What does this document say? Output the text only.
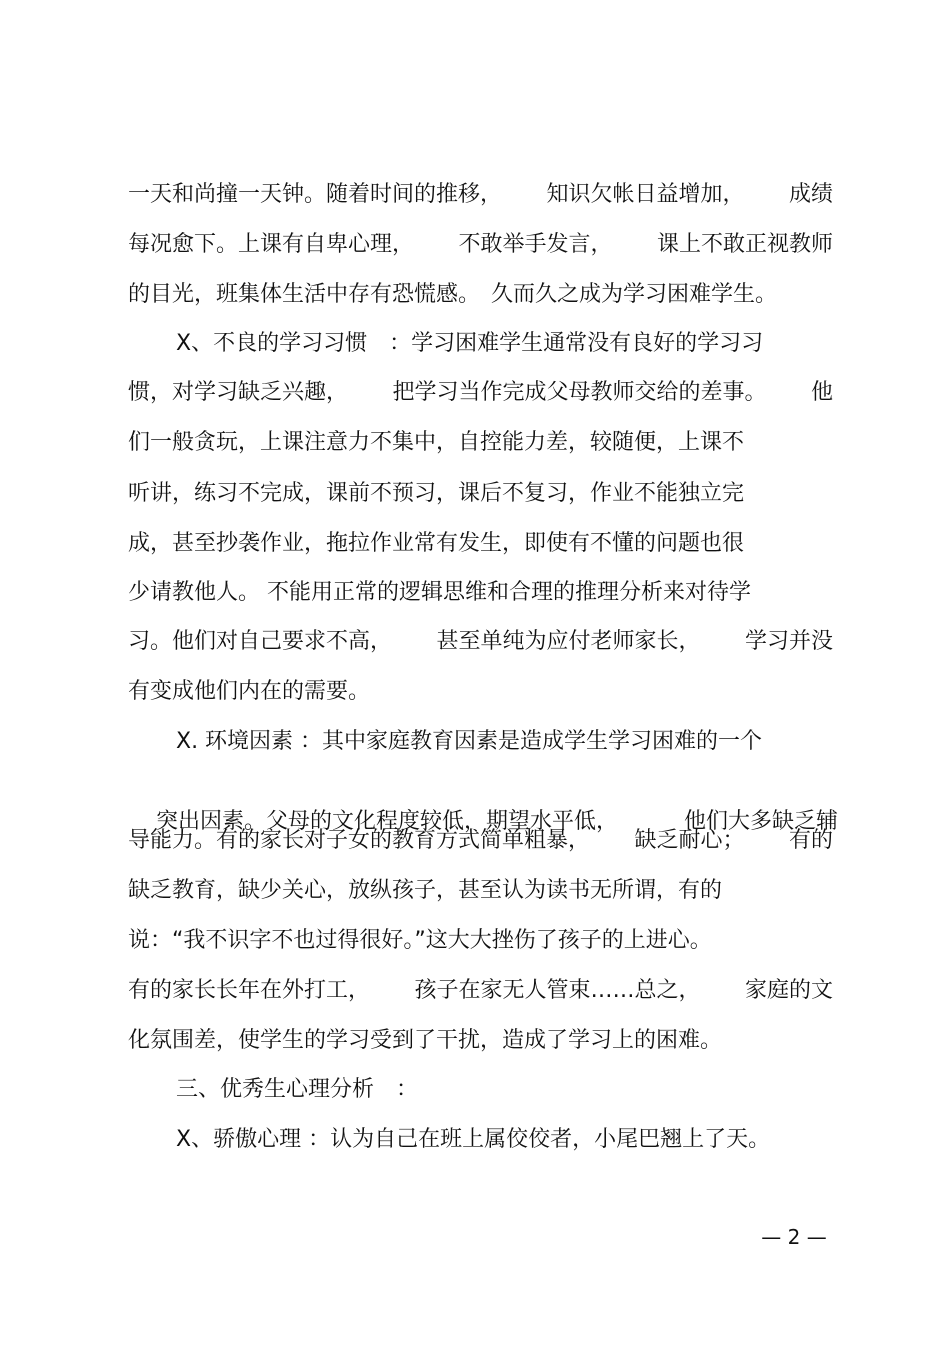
一天和尚撞一天钟。随着时间的推移， 知识欠帐日益增加， 成绩
每况愈下。上课有自卑心理， 不敢举手发言， 课上不敢正视教师
的目光，班集体生活中存有恐慌感。　久而久之成为学习困难学生。
X、不良的学习习惯　：学习困难学生通常没有良好的学习习
惯，对学习缺乏兴趣， 把学习当作完成父母教师交给的差事。 他
们一般贪玩，上课注意力不集中，自控能力差，较随便，上课不
听讲，练习不完成，课前不预习，课后不复习，作业不能独立完
成，甚至抄袭作业，拖拉作业常有发生，即使有不懂的问题也很
少请教他人。 不能用正常的逻辑思维和合理的推理分析来对待学
习。他们对自己要求不高， 甚至单纯为应付老师家长， 学习并没
有变成他们内在的需要。
X. 环境因素 ：其中家庭教育因素是造成学生学习困难的一个

突出因素。父母的文化程度较低，期望水平低，	他们大多缺乏辅

导能力。有的家长对子女的教育方式简单粗暴， 缺乏耐心； 有的
缺乏教育，缺少关心，放纵孩子，甚至认为读书无所谓，有的
说：“我不识字不也过得很好。”这大大挫伤了孩子的上进心。
有的家长长年在外打工， 孩子在家无人管束……总之， 家庭的文
化氛围差，使学生的学习受到了干扰，造成了学习上的困难。
三、优秀生心理分析　：
X、骄傲心理 ：认为自己在班上属佼佼者，小尾巴翘上了天。
— 2 —
